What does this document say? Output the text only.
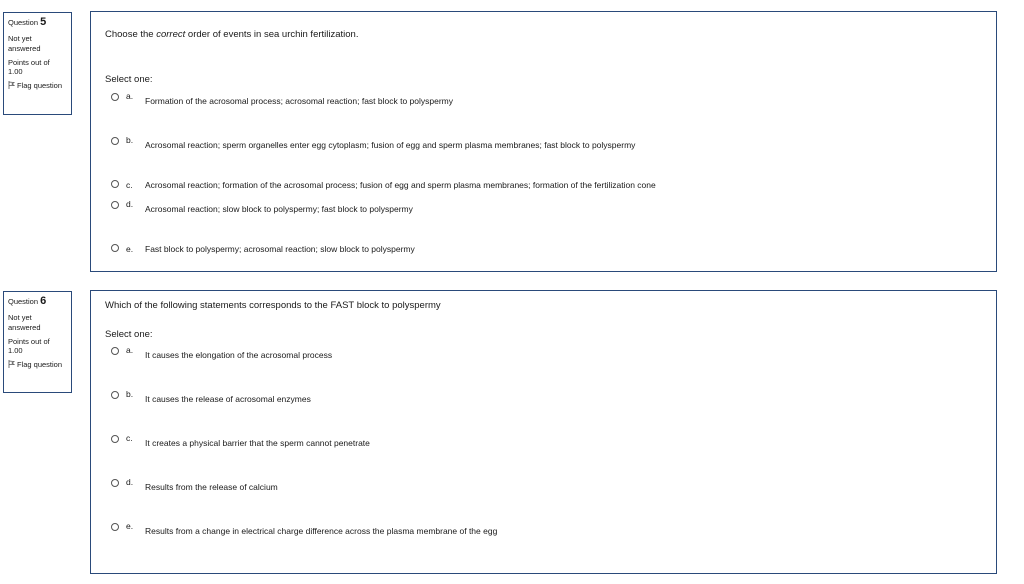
Question 5
Not yet answered
Points out of 1.00
Flag question
Choose the correct order of events in sea urchin fertilization.
Select one:
a. Formation of the acrosomal process; acrosomal reaction; fast block to polyspermy
b. Acrosomal reaction; sperm organelles enter egg cytoplasm; fusion of egg and sperm plasma membranes; fast block to polyspermy
c. Acrosomal reaction; formation of the acrosomal process; fusion of egg and sperm plasma membranes; formation of the fertilization cone
d. Acrosomal reaction; slow block to polyspermy; fast block to polyspermy
e. Fast block to polyspermy; acrosomal reaction; slow block to polyspermy
Question 6
Not yet answered
Points out of 1.00
Flag question
Which of the following statements corresponds to the FAST block to polyspermy
Select one:
a. It causes the elongation of the acrosomal process
b. It causes the release of acrosomal enzymes
c. It creates a physical barrier that the sperm cannot penetrate
d. Results from the release of calcium
e. Results from a change in electrical charge difference across the plasma membrane of the egg
